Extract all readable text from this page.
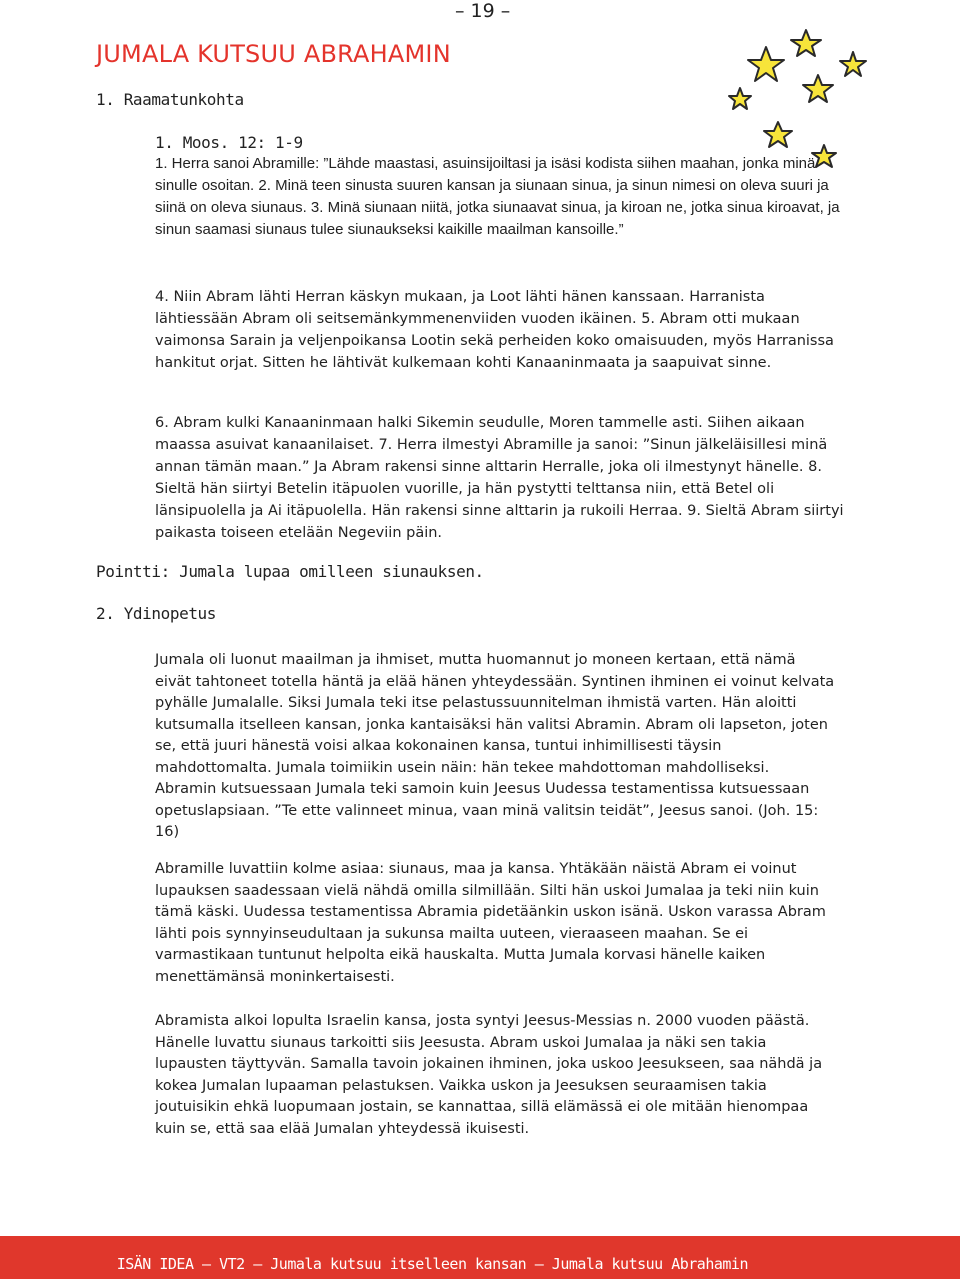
– 19 –
JUMALA KUTSUU ABRAHAMIN
1. Raamatunkohta
1. Moos. 12: 1-9

1. Herra sanoi Abramille: ”Lähde maastasi, asuinsijoiltasi ja isäsi kodista siihen maahan, jonka minä sinulle osoitan. 2. Minä teen sinusta suuren kansan ja siunaan sinua, ja sinun nimesi on oleva suuri ja siinä on oleva siunaus. 3. Minä siunaan niitä, jotka siunaavat sinua, ja kiroan ne, jotka sinua kiroavat, ja sinun saamasi siunaus tulee siunaukseksi kaikille maailman kansoille.”

4. Niin Abram lähti Herran käskyn mukaan, ja Loot lähti hänen kanssaan. Harranista lähtiessään Abram oli seitsemänkymmenenviiden vuoden ikäinen. 5. Abram otti mukaan vaimonsa Sarain ja veljenpoikansa Lootin sekä perheiden koko omaisuuden, myös Harranissa hankitut orjat. Sitten he lähtivät kulkemaan kohti Kanaaninmaata ja saapuivat sinne.

6. Abram kulki Kanaaninmaan halki Sikemin seudulle, Moren tammelle asti. Siihen aikaan maassa asuivat kanaanilaiset. 7. Herra ilmestyi Abramille ja sanoi: ”Sinun jälkeläisillesi minä annan tämän maan.” Ja Abram rakensi sinne alttarin Herralle, joka oli ilmestynyt hänelle. 8. Sieltä hän siirtyi Betelin itäpuolen vuorille, ja hän pystytti telttansa niin, että Betel oli länsipuolella ja Ai itäpuolella. Hän rakensi sinne alttarin ja rukoili Herraa. 9. Sieltä Abram siirtyi paikasta toiseen etelään Negeviin päin.

Pointti: Jumala lupaa omilleen siunauksen.
2. Ydinopetus

Jumala oli luonut maailman ja ihmiset, mutta huomannut jo moneen kertaan, että nämä eivät tahtoneet totella häntä ja elää hänen yhteydessään. Syntinen ihminen ei voinut kelvata pyhälle Jumalalle. Siksi Jumala teki itse pelastussuunnitelman ihmistä varten. Hän aloitti kutsumalla itselleen kansan, jonka kantaisäksi hän valitsi Abramin. Abram oli lapseton, joten se, että juuri hänestä voisi alkaa kokonainen kansa, tuntui inhimillisesti täysin mahdottomalta. Jumala toimiikin usein näin: hän tekee mahdottoman mahdolliseksi. Abramin kutsuessaan Jumala teki samoin kuin Jeesus Uudessa testamentissa kutsuessaan opetuslapsiaan. ”Te ette valinneet minua, vaan minä valitsin teidät”, Jeesus sanoi. (Joh. 15: 16)

Abramille luvattiin kolme asiaa: siunaus, maa ja kansa. Yhtäkään näistä Abram ei voinut lupauksen saadessaan vielä nähdä omilla silmillään. Silti hän uskoi Jumalaa ja teki niin kuin tämä käski. Uudessa testamentissa Abramia pidetäänkin uskon isänä. Uskon varassa Abram lähti pois synnyinseudultaan ja sukunsa mailta uuteen, vieraaseen maahan. Se ei varmastikaan tuntunut helpolta eikä hauskalta. Mutta Jumala korvasi hänelle kaiken menettämänsä moninkertaisesti.

Abramista alkoi lopulta Israelin kansa, josta syntyi Jeesus-Messias n. 2000 vuoden päästä. Hänelle luvattu siunaus tarkoitti siis Jeesusta. Abram uskoi Jumalaa ja näki sen takia lupausten täyttyvän. Samalla tavoin jokainen ihminen, joka uskoo Jeesukseen, saa nähdä ja kokea Jumalan lupaaman pelastuksen. Vaikka uskon ja Jeesuksen seuraamisen takia joutuisikin ehkä luopumaan jostain, se kannattaa, sillä elämässä ei ole mitään hienompaa kuin se, että saa elää Jumalan yhteydessä ikuisesti.

ISÄN IDEA – VT2 – Jumala kutsuu itselleen kansan – Jumala kutsuu Abrahamin
